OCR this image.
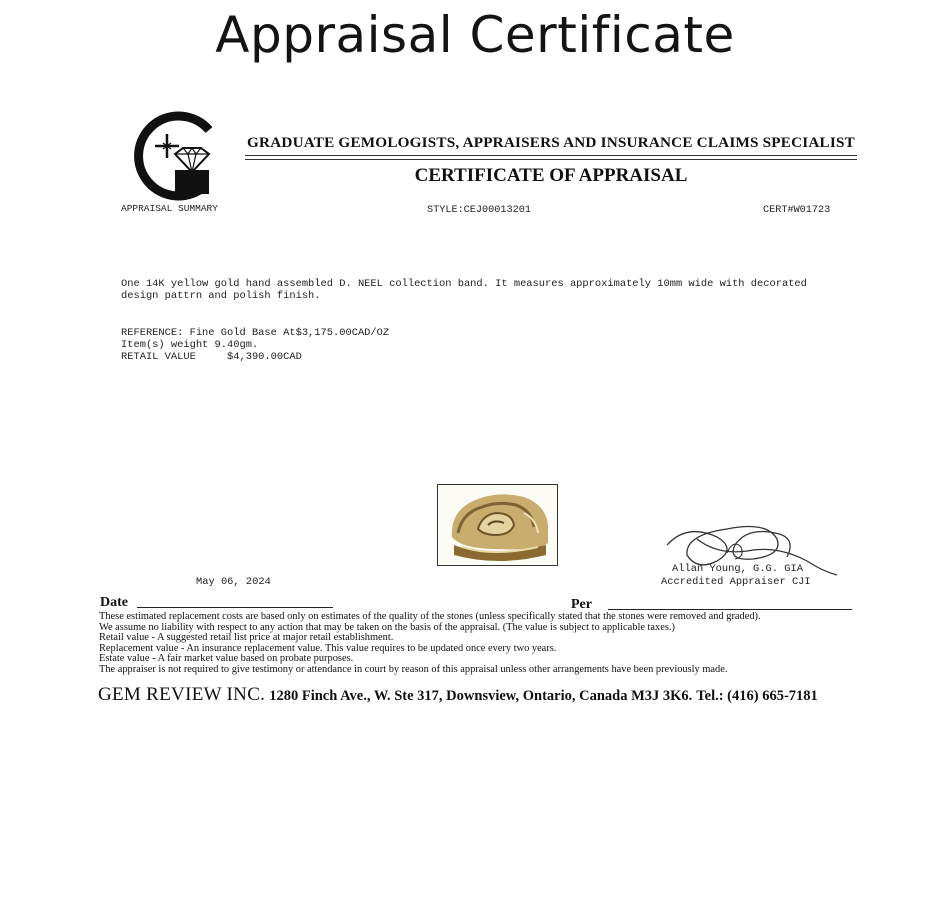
Appraisal Certificate
GRADUATE GEMOLOGISTS, APPRAISERS AND INSURANCE CLAIMS SPECIALIST
CERTIFICATE OF APPRAISAL
APPRAISAL SUMMARY	STYLE:CEJ00013201	CERT#W01723
One 14K yellow gold hand assembled D. NEEL collection band. It measures approximately 10mm wide with decorated
design pattrn and polish finish.
REFERENCE: Fine Gold Base At$3,175.00CAD/OZ
Item(s) weight 9.40gm.
RETAIL VALUE	$4,390.00CAD
May 06, 2024
Allan Young, G.G. GIA
Accredited Appraiser CJI
Date	Per
These estimated replacement costs are based only on estimates of the quality of the stones (unless specifically stated that the stones were removed and graded).
We assume no liability with respect to any action that may be taken on the basis of the appraisal. (The value is subject to applicable taxes.)
Retail value - A suggested retail list price at major retail establishment.
Replacement value - An insurance replacement value. This value requires to be updated once every two years.
Estate value - A fair market value based on probate purposes.
The appraiser is not required to give testimony or attendance in court by reason of this appraisal unless other arrangements have been previously made.
GEM REVIEW INC. 1280 Finch Ave., W. Ste 317, Downsview, Ontario, Canada M3J 3K6. Tel.: (416) 665-7181
